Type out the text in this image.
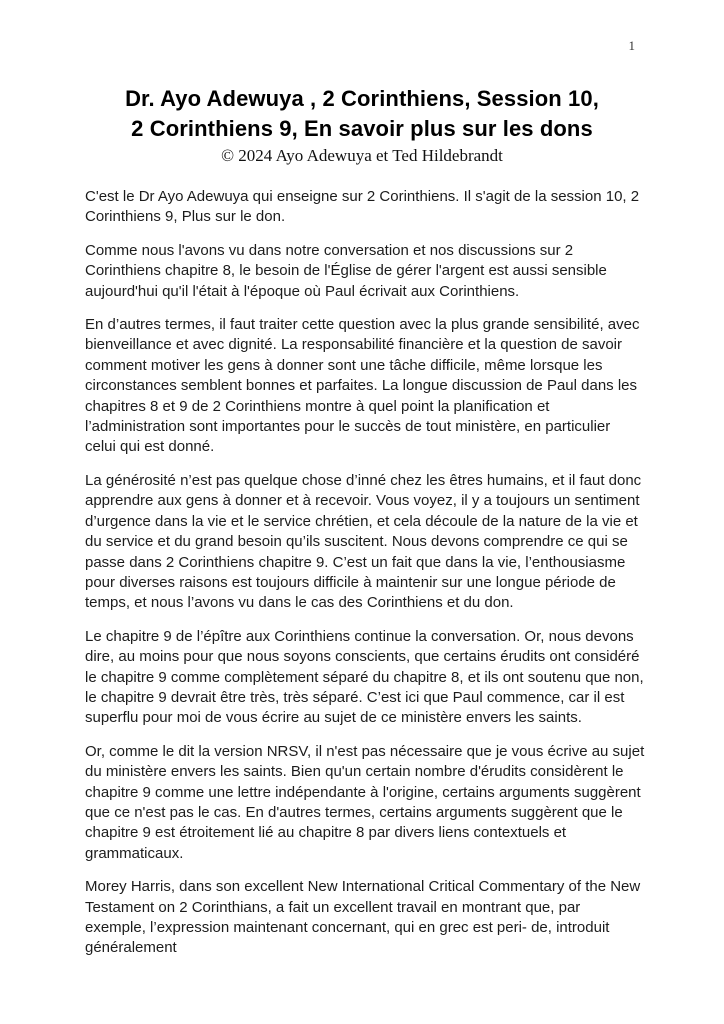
1
Dr. Ayo Adewuya , 2 Corinthiens, Session 10,
2 Corinthiens 9, En savoir plus sur les dons
© 2024 Ayo Adewuya et Ted Hildebrandt

C'est le Dr Ayo Adewuya qui enseigne sur 2 Corinthiens. Il s'agit de la session 10, 2 Corinthiens 9, Plus sur le don.

Comme nous l'avons vu dans notre conversation et nos discussions sur 2 Corinthiens chapitre 8, le besoin de l'Église de gérer l'argent est aussi sensible aujourd'hui qu'il l'était à l'époque où Paul écrivait aux Corinthiens.

En d’autres termes, il faut traiter cette question avec la plus grande sensibilité, avec bienveillance et avec dignité. La responsabilité financière et la question de savoir comment motiver les gens à donner sont une tâche difficile, même lorsque les circonstances semblent bonnes et parfaites. La longue discussion de Paul dans les chapitres 8 et 9 de 2 Corinthiens montre à quel point la planification et l’administration sont importantes pour le succès de tout ministère, en particulier celui qui est donné.

La générosité n’est pas quelque chose d’inné chez les êtres humains, et il faut donc apprendre aux gens à donner et à recevoir. Vous voyez, il y a toujours un sentiment d’urgence dans la vie et le service chrétien, et cela découle de la nature de la vie et du service et du grand besoin qu’ils suscitent. Nous devons comprendre ce qui se passe dans 2 Corinthiens chapitre 9. C’est un fait que dans la vie, l’enthousiasme pour diverses raisons est toujours difficile à maintenir sur une longue période de temps, et nous l’avons vu dans le cas des Corinthiens et du don.

Le chapitre 9 de l’épître aux Corinthiens continue la conversation. Or, nous devons dire, au moins pour que nous soyons conscients, que certains érudits ont considéré le chapitre 9 comme complètement séparé du chapitre 8, et ils ont soutenu que non, le chapitre 9 devrait être très, très séparé. C’est ici que Paul commence, car il est superflu pour moi de vous écrire au sujet de ce ministère envers les saints.

Or, comme le dit la version NRSV, il n'est pas nécessaire que je vous écrive au sujet du ministère envers les saints. Bien qu'un certain nombre d'érudits considèrent le chapitre 9 comme une lettre indépendante à l'origine, certains arguments suggèrent que ce n'est pas le cas. En d'autres termes, certains arguments suggèrent que le chapitre 9 est étroitement lié au chapitre 8 par divers liens contextuels et grammaticaux.

Morey Harris, dans son excellent New International Critical Commentary of the New Testament on 2 Corinthians, a fait un excellent travail en montrant que, par exemple, l’expression maintenant concernant, qui en grec est peri- de, introduit généralement
